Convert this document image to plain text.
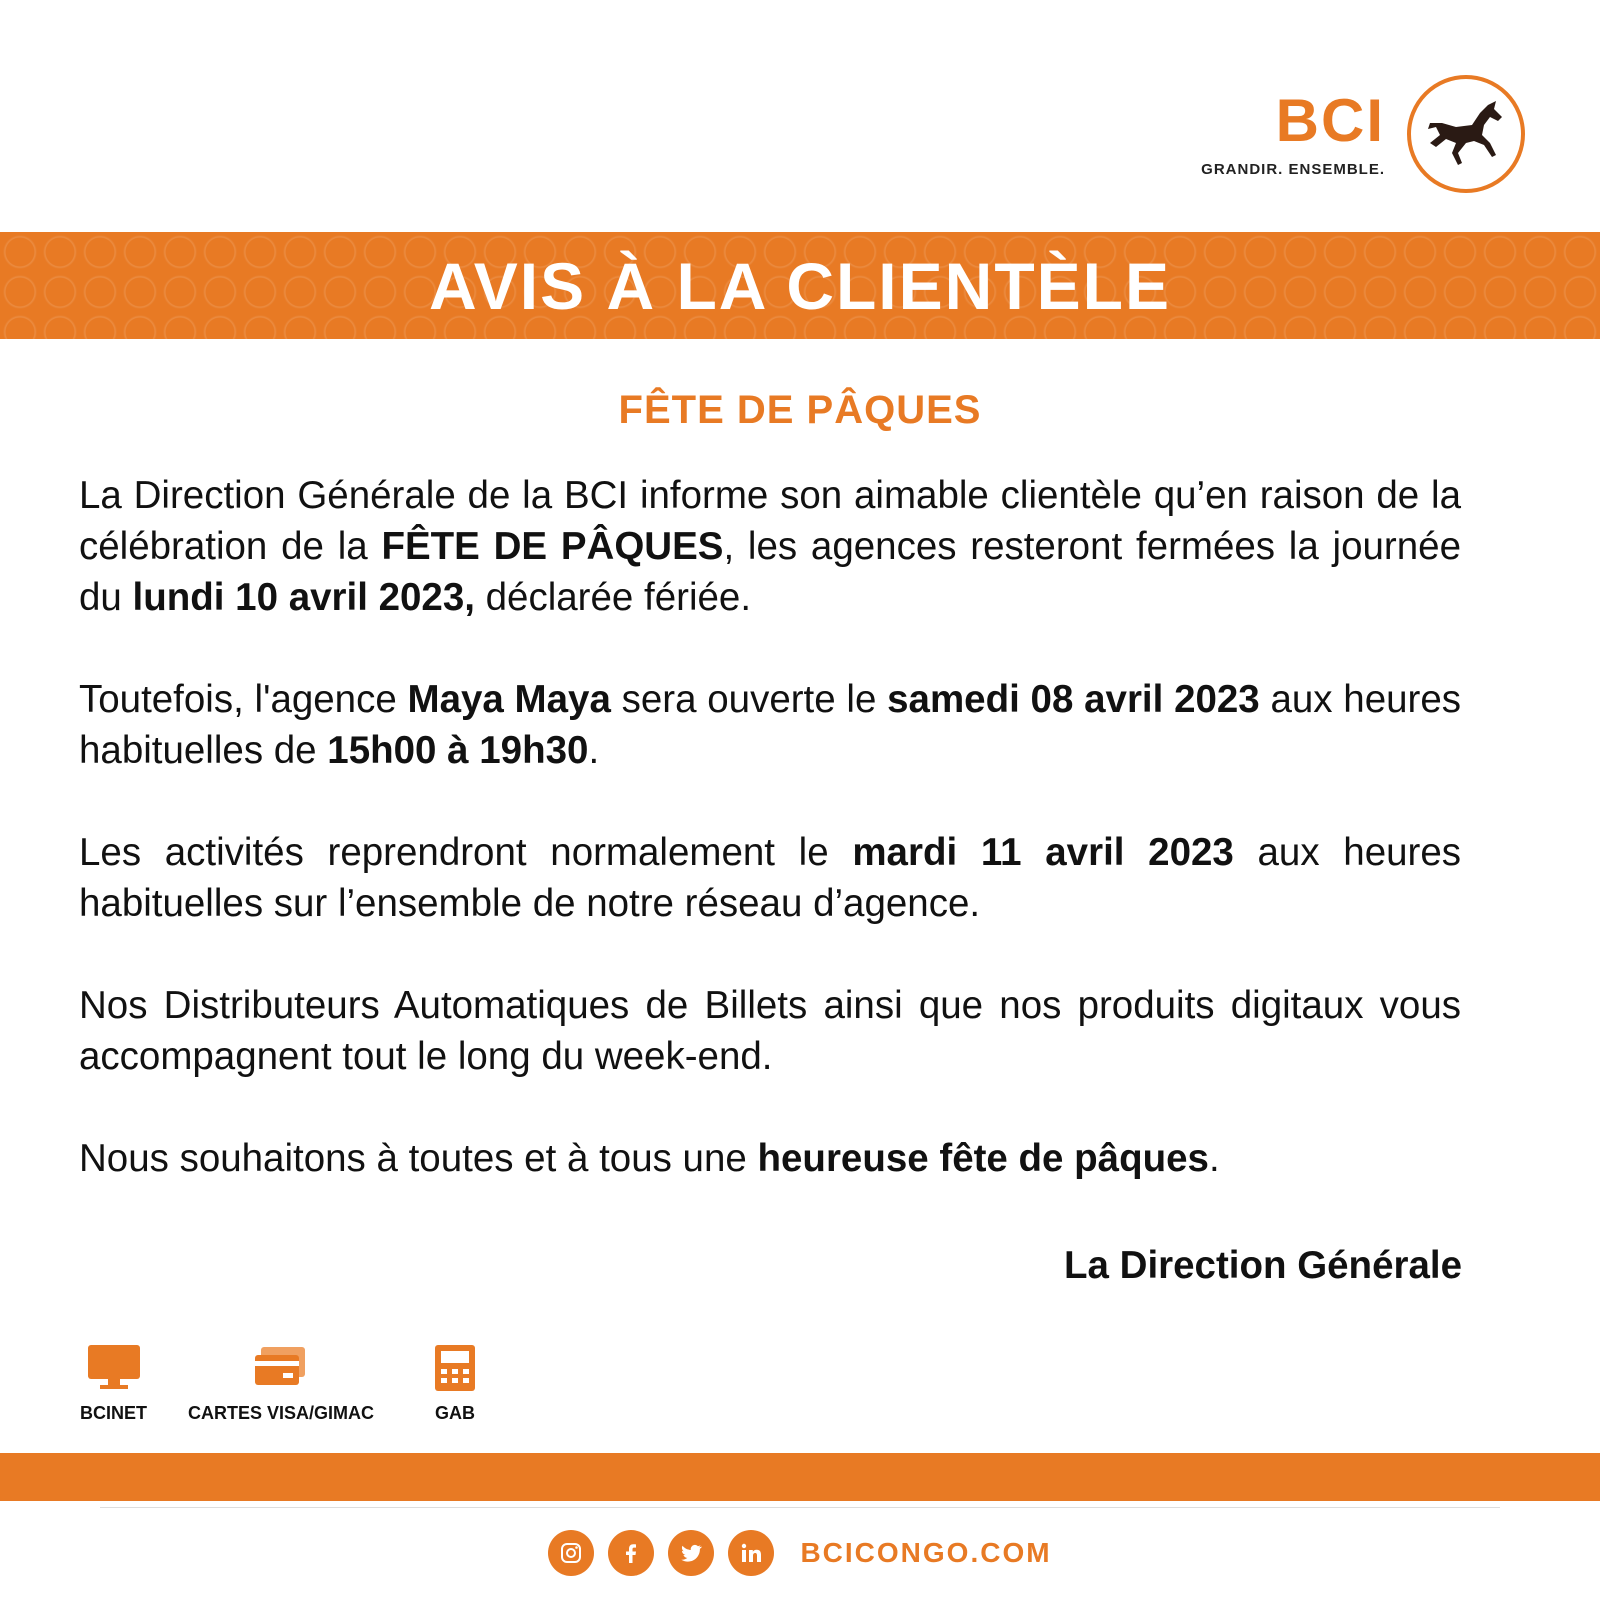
BCI
GRANDIR. ENSEMBLE.
AVIS À LA CLIENTÈLE
FÊTE DE PÂQUES

La Direction Générale de la BCI informe son aimable clientèle qu’en raison de la célébration de la FÊTE DE PÂQUES, les agences resteront fermées la journée du lundi 10 avril 2023, déclarée fériée.

Toutefois, l'agence Maya Maya sera ouverte le samedi 08 avril 2023 aux heures habituelles de 15h00 à 19h30.

Les activités reprendront normalement le mardi 11 avril 2023 aux heures habituelles sur l’ensemble de notre réseau d’agence.

Nos Distributeurs Automatiques de Billets ainsi que nos produits digitaux vous accompagnent tout le long du week-end.

Nous souhaitons à toutes et à tous une heureuse fête de pâques.

La Direction Générale
BCINET CARTES VISA/GIMAC	GAB
BCICONGO.COM
